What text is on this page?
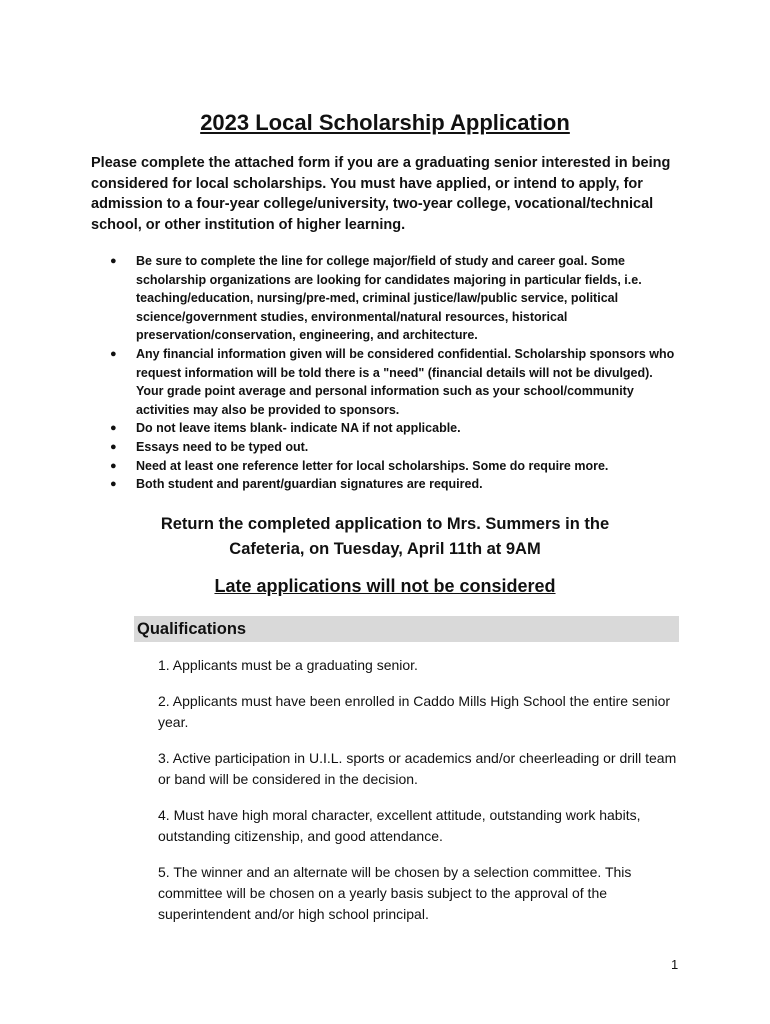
2023 Local Scholarship Application

Please complete the attached form if you are a graduating senior interested in being considered for local scholarships. You must have applied, or intend to apply, for admission to a four-year college/university, two-year college, vocational/technical school, or other institution of higher learning.

● Be sure to complete the line for college major/field of study and career goal. Some scholarship organizations are looking for candidates majoring in particular fields, i.e. teaching/education, nursing/pre-med, criminal justice/law/public service, political science/government studies, environmental/natural resources, historical preservation/conservation, engineering, and architecture.
● Any financial information given will be considered confidential. Scholarship sponsors who request information will be told there is a "need" (financial details will not be divulged). Your grade point average and personal information such as your school/community activities may also be provided to sponsors.
● Do not leave items blank- indicate NA if not applicable.
● Essays need to be typed out.
● Need at least one reference letter for local scholarships. Some do require more.
● Both student and parent/guardian signatures are required.
Return the completed application to Mrs. Summers in the
Cafeteria, on Tuesday, April 11th at 9AM
Late applications will not be considered
Qualifications

1. Applicants must be a graduating senior.

2. Applicants must have been enrolled in Caddo Mills High School the entire senior year.

3. Active participation in U.I.L. sports or academics and/or cheerleading or drill team or band will be considered in the decision.

4. Must have high moral character, excellent attitude, outstanding work habits, outstanding citizenship, and good attendance.

5. The winner and an alternate will be chosen by a selection committee. This committee will be chosen on a yearly basis subject to the approval of the superintendent and/or high school principal.

1
